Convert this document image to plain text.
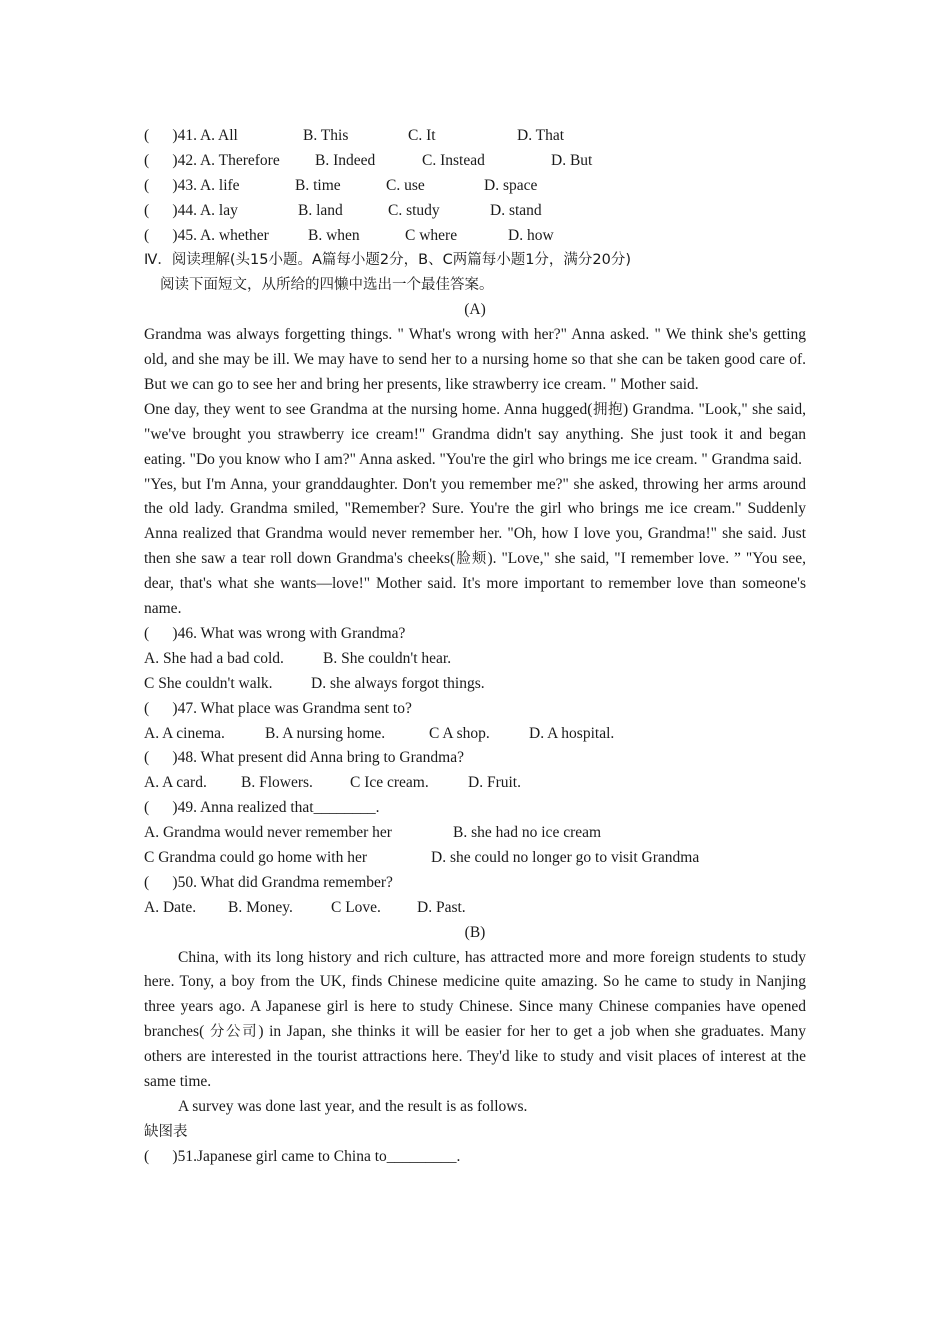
(      )41. A. All	B. This	C. It	D. That
(      )42. A. Therefore B. Indeed	C. Instead	D. But
(      )43. A. life	B. time	C. use	D. space
(      )44. A. lay	B. land	C. study	D. stand
(      )45. A. whether	B. when	C where	D. how
Ⅳ．阅读理解(头15小题。A篇每小题2分，B、C两篇每小题1分，满分20分)
阅读下面短文，从所给的四懒中选出一个最佳答案。
(A)

Grandma was always forgetting things. " What's wrong with her?" Anna asked. " We think she's getting old, and she may be ill. We may have to send her to a nursing home so that she can be taken good care of. But we can go to see her and bring her presents, like strawberry ice cream. " Mother said.

One day, they went to see Grandma at the nursing home. Anna hugged(拥抱) Grandma. "Look," she said, "we've brought you strawberry ice cream!" Grandma didn't say anything. She just took it and began eating. "Do you know who I am?" Anna asked. "You're the girl who brings me ice cream. " Grandma said.

"Yes, but I'm Anna, your granddaughter. Don't you remember me?" she asked, throwing her arms around the old lady. Grandma smiled, "Remember? Sure. You're the girl who brings me ice cream." Suddenly Anna realized that Grandma would never remember her. "Oh, how I love you, Grandma!" she said. Just then she saw a tear roll down Grandma's cheeks(脸颊). "Love," she said, "I remember love. ” "You see, dear, that's what she wants—love!" Mother said. It's more important to remember love than someone's name.

(      )46. What was wrong with Grandma?
A. She had a bad cold.	B. She couldn't hear.
C She couldn't walk. D. she always forgot things.
(      )47. What place was Grandma sent to?
A. A cinema.	B. A nursing home.	C A shop.	D. A hospital.
(      )48. What present did Anna bring to Grandma?
A. A card. B. Flowers. C Ice cream.	D. Fruit.
(      )49. Anna realized that________.
A. Grandma would never remember her	B. she had no ice cream
C Grandma could go home with her	D. she could no longer go to visit Grandma
(      )50. What did Grandma remember?
A. Date. B. Money. C Love. D. Past.
(B)

China, with its long history and rich culture, has attracted more and more foreign students to study here. Tony, a boy from the UK, finds Chinese medicine quite amazing. So he came to study in Nanjing three years ago. A Japanese girl is here to study Chinese. Since many Chinese companies have opened branches( 分公司) in Japan, she thinks it will be easier for her to get a job when she graduates. Many others are interested in the tourist attractions here. They'd like to study and visit places of interest at the same time.

A survey was done last year, and the result is as follows.
缺图表
(      )51.Japanese girl came to China to_________.
